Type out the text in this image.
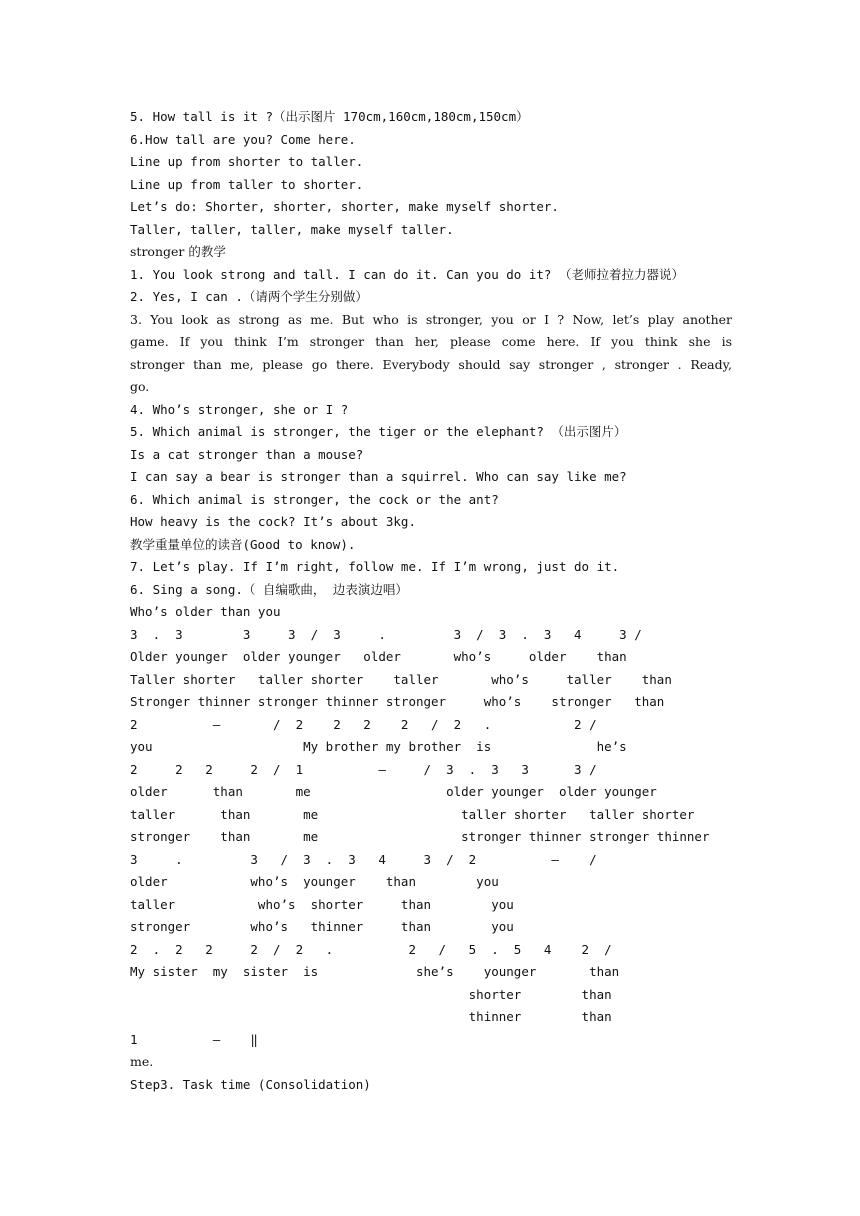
5. How tall is it ?（出示图片 170cm,160cm,180cm,150cm）
6.How tall are you? Come here.
Line up from shorter to taller.
Line up from taller to shorter.
Let’s do: Shorter, shorter, shorter, make myself shorter.
Taller, taller, taller, make myself taller.
stronger 的教学
1. You look strong and tall. I can do it. Can you do it? （老师拉着拉力器说）
2. Yes, I can .（请两个学生分别做）
3. You look as strong as me. But who is stronger, you or I ? Now, let’s play another
game. If you think I’m stronger than her, please come here. If you think she is
stronger than me, please go there. Everybody should say stronger , stronger . Ready,
go.
4. Who’s stronger, she or I ?
5. Which animal is stronger, the tiger or the elephant? （出示图片）
Is a cat stronger than a mouse?
I can say a bear is stronger than a squirrel. Who can say like me?
6. Which animal is stronger, the cock or the ant?
How heavy is the cock? It’s about 3kg.
教学重量单位的读音(Good to know).
7. Let’s play. If I’m right, follow me. If I’m wrong, just do it.
6. Sing a song.（ 自编歌曲， 边表演边唱）
Who’s older than you
3  .  3        3     3  /  3     .         3  /  3  .  3   4     3 /
Older younger  older younger   older       who’s     older    than
Taller shorter   taller shorter    taller       who’s     taller    than
Stronger thinner stronger thinner stronger     who’s    stronger   than
2          —       /  2    2   2    2   /  2   .           2 /
you                    My brother my brother  is              he’s
2     2   2     2  /  1          —     /  3  .  3   3      3 /
older      than       me                  older younger  older younger
taller      than       me                   taller shorter   taller shorter
stronger    than       me                   stronger thinner stronger thinner
3     .         3   /  3  .  3   4     3  /  2          —    /
older           who’s  younger    than        you
taller           who’s  shorter     than        you
stronger        who’s   thinner     than        you
2  .  2   2     2  /  2   .          2   /   5  .  5   4    2  /
My sister  my  sister  is             she’s    younger       than
shorter        than
thinner        than
1          —    ‖
me.
Step3. Task time (Consolidation)
